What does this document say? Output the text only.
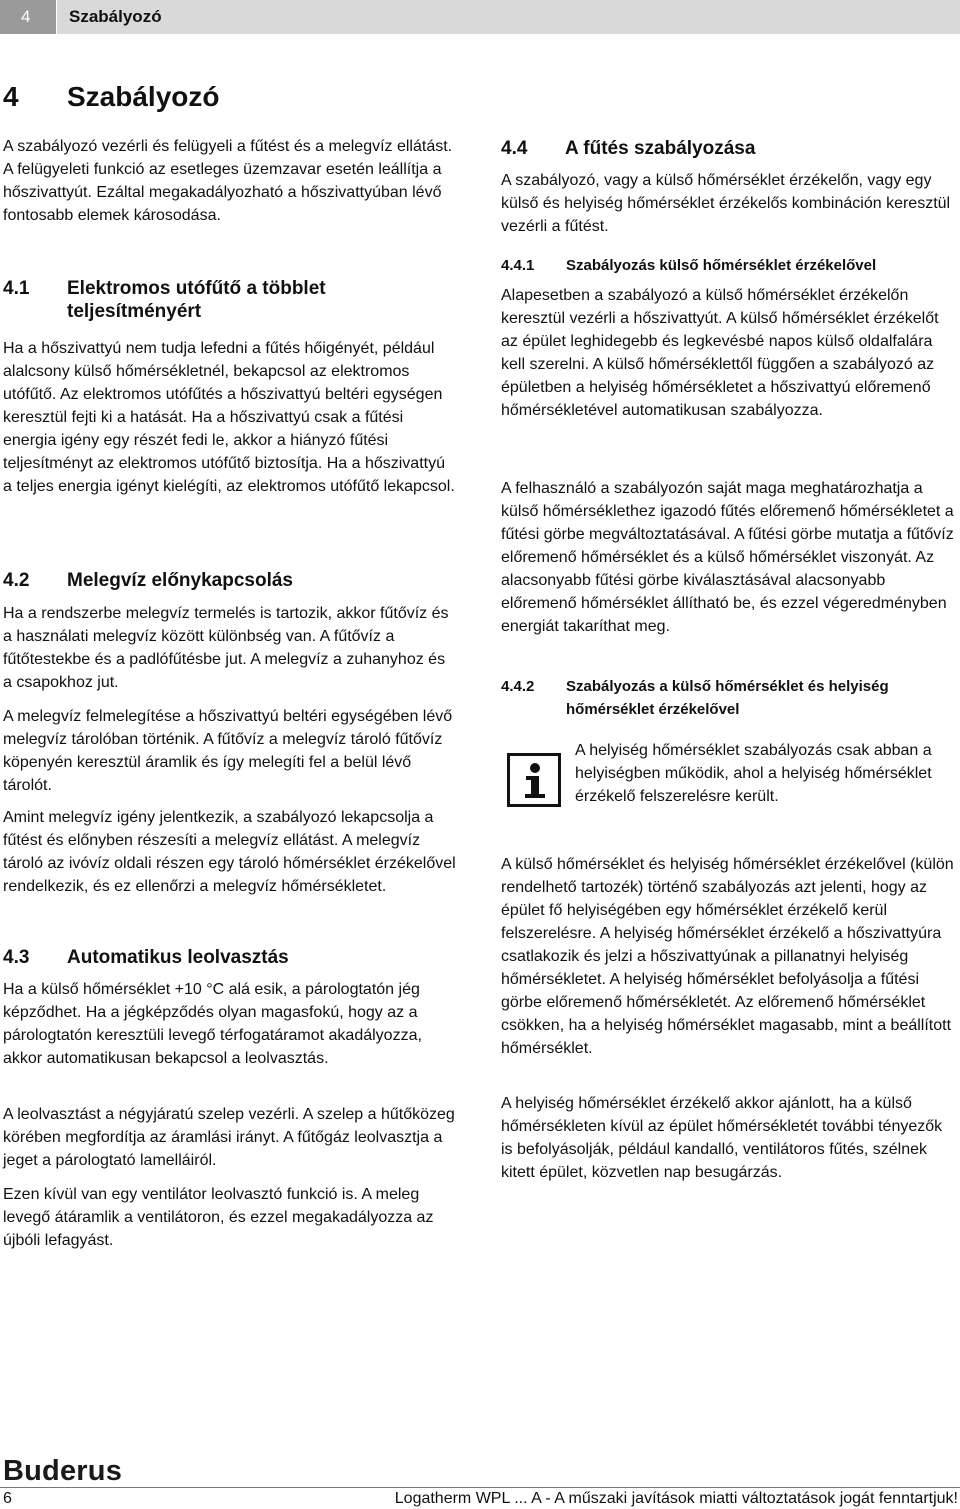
4	Szabályozó
4 Szabályozó

A szabályozó vezérli és felügyeli a fűtést és a melegvíz ellátást. A felügyeleti funkció az esetleges üzemzavar esetén leállítja a hőszivattyút. Ezáltal megakadályozható a hőszivattyúban lévő fontosabb elemek károsodása.

4.1	Elektromos utófűtő a többlet teljesítményért

Ha a hőszivattyú nem tudja lefedni a fűtés hőigényét, például alalcsony külső hőmérsékletnél, bekapcsol az elektromos utófűtő. Az elektromos utófűtés a hőszivattyú beltéri egységen keresztül fejti ki a hatását. Ha a hőszivattyú csak a fűtési energia igény egy részét fedi le, akkor a hiányzó fűtési teljesítményt az elektromos utófűtő biztosítja. Ha a hőszivattyú a teljes energia igényt kielégíti, az elektromos utófűtő lekapcsol.

4.2	Melegvíz előnykapcsolás

Ha a rendszerbe melegvíz termelés is tartozik, akkor fűtővíz és a használati melegvíz között különbség van. A fűtővíz a fűtőtestekbe és a padlófűtésbe jut. A melegvíz a zuhanyhoz és a csapokhoz jut.

A melegvíz felmelegítése a hőszivattyú beltéri egységében lévő melegvíz tárolóban történik. A fűtővíz a melegvíz tároló fűtővíz köpenyén keresztül áramlik és így melegíti fel a belül lévő tárolót.

Amint melegvíz igény jelentkezik, a szabályozó lekapcsolja a fűtést és előnyben részesíti a melegvíz ellátást. A melegvíz tároló az ivóvíz oldali részen egy tároló hőmérséklet érzékelővel rendelkezik, és ez ellenőrzi a melegvíz hőmérsékletet.

4.3	Automatikus leolvasztás

Ha a külső hőmérséklet +10 °C alá esik, a párologtatón jég képződhet. Ha a jégképződés olyan magasfokú, hogy az a párologtatón keresztüli levegő térfogatáramot akadályozza, akkor automatikusan bekapcsol a leolvasztás.

A leolvasztást a négyjáratú szelep vezérli. A szelep a hűtőközeg körében megfordítja az áramlási irányt. A fűtőgáz leolvasztja a jeget a párologtató lamelláiról.

Ezen kívül van egy ventilátor leolvasztó funkció is. A meleg levegő átáramlik a ventilátoron, és ezzel megakadályozza az újbóli lefagyást.

4.4	A fűtés szabályozása

A szabályozó, vagy a külső hőmérséklet érzékelőn, vagy egy külső és helyiség hőmérséklet érzékelős kombináción keresztül vezérli a fűtést.

4.4.1	Szabályozás külső hőmérséklet érzékelővel

Alapesetben a szabályozó a külső hőmérséklet érzékelőn keresztül vezérli a hőszivattyút. A külső hőmérséklet érzékelőt az épület leghidegebb és legkevésbé napos külső oldalfalára kell szerelni. A külső hőmérséklettől függően a szabályozó az épületben a helyiség hőmérsékletet a hőszivattyú előremenő hőmérsékletével automatikusan szabályozza.

A felhasználó a szabályozón saját maga meghatározhatja a külső hőmérséklethez igazodó fűtés előremenő hőmérsékletet a fűtési görbe megváltoztatásával. A fűtési görbe mutatja a fűtővíz előremenő hőmérséklet és a külső hőmérséklet viszonyát. Az alacsonyabb fűtési görbe kiválasztásával alacsonyabb előremenő hőmérséklet állítható be, és ezzel végeredményben energiát takaríthat meg.

4.4.2	Szabályozás a külső hőmérséklet és helyiség hőmérséklet érzékelővel
A helyiség hőmérséklet szabályozás csak abban a helyiségben működik, ahol a helyiség hőmérséklet érzékelő felszerelésre került.

A külső hőmérséklet és helyiség hőmérséklet érzékelővel (külön rendelhető tartozék) történő szabályozás azt jelenti, hogy az épület fő helyiségében egy hőmérséklet érzékelő kerül felszerelésre. A helyiség hőmérséklet érzékelő a hőszivattyúra csatlakozik és jelzi a hőszivattyúnak a pillanatnyi helyiség hőmérsékletet. A helyiség hőmérséklet befolyásolja a fűtési görbe előremenő hőmérsékletét. Az előremenő hőmérséklet csökken, ha a helyiség hőmérséklet magasabb, mint a beállított hőmérséklet.

A helyiség hőmérséklet érzékelő akkor ajánlott, ha a külső hőmérsékleten kívül az épület hőmérsékletét további tényezők is befolyásolják, például kandalló, ventilátoros fűtés, szélnek kitett épület, közvetlen nap besugárzás.

Buderus
6	Logatherm WPL ... A - A műszaki javítások miatti változtatások jogát fenntartjuk!
